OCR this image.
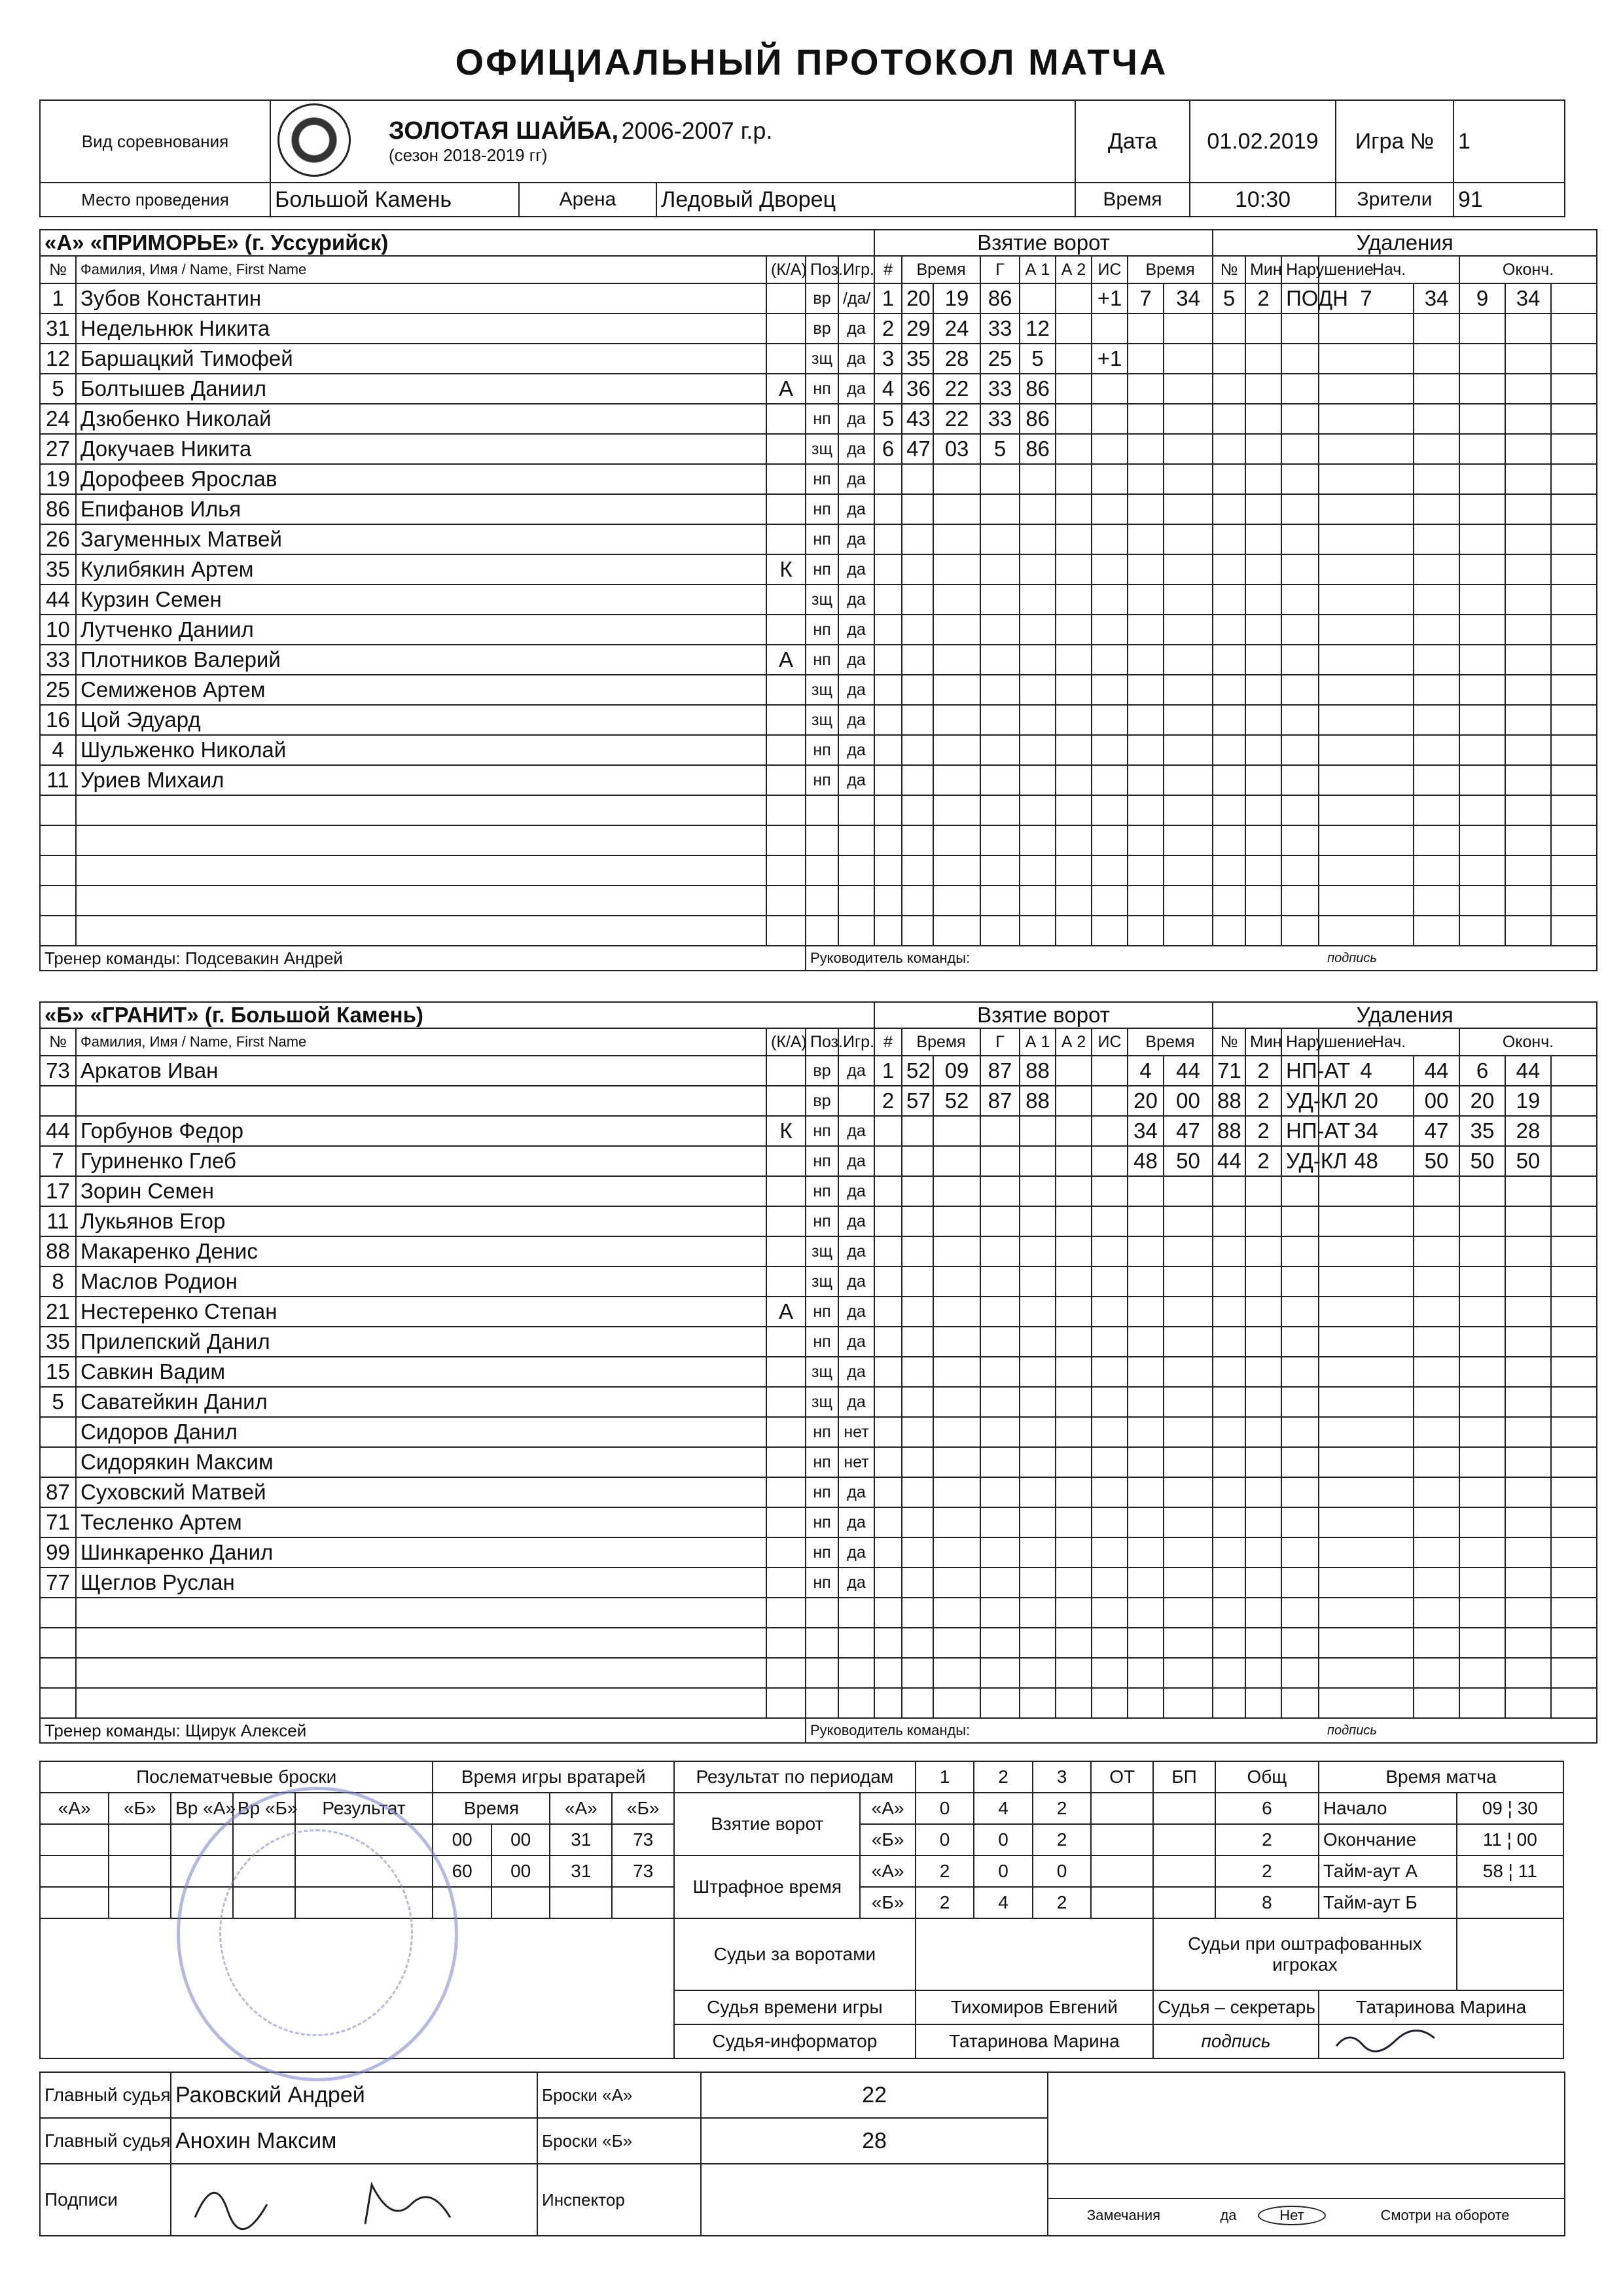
ОФИЦИАЛЬНЫЙ ПРОТОКОЛ МАТЧА
Вид соревнования	ЗОЛОТАЯ ШАЙБА, 2006-2007 г.р.
(сезон 2018-2019 гг)
	Дата	01.02.2019	Игра №	1
Место проведения	Большой Камень	Арена	Ледовый Дворец	Время	10:30	Зрители	91
«А» «ПРИМОРЬЕ» (г. Уссурийск)					Взятие ворот									Удаления							
№	Фамилия, Имя / Name, First Name	(К/А)	Поз.	Игр.	#	Время		Г	А 1	А 2	ИС	Время		№	Мин	Нарушение	Нач.		Оконч.		
1	Зубов Константин		вр	/да/	1	20	19	86			+1	7	34	5	2	ПОДН	7	34	9	34	
31	Недельнюк Никита		вр	да	2	29	24	33	12												
12	Баршацкий Тимофей		зщ	да	3	35	28	25	5		+1										
5	Болтышев Даниил	А	нп	да	4	36	22	33	86												
24	Дзюбенко Николай		нп	да	5	43	22	33	86												
27	Докучаев Никита		зщ	да	6	47	03	5	86												
19	Дорофеев Ярослав		нп	да																	
86	Епифанов Илья		нп	да																	
26	Загуменных Матвей		нп	да																	
35	Кулибякин Артем	К	нп	да																	
44	Курзин Семен		зщ	да																	
10	Лутченко Даниил		нп	да																	
33	Плотников Валерий	А	нп	да																	
25	Семиженов Артем		зщ	да																	
16	Цой Эдуард		зщ	да																	
4	Шульженко Николай		нп	да																	
11	Уриев Михаил		нп	да																	

Тренер команды: Подсевакин Андрей			Руководитель команды:													подпись					
«Б» «ГРАНИТ» (г. Большой Камень)					Взятие ворот									Удаления							
№	Фамилия, Имя / Name, First Name	(К/А)	Поз.	Игр.	#	Время		Г	А 1	А 2	ИС	Время		№	Мин	Нарушение	Нач.		Оконч.		
73	Аркатов Иван		вр	да	1	52	09	87	88			4	44	71	2	НП-АТ	4	44	6	44	
			вр		2	57	52	87	88			20	00	88	2	УД-КЛ	20	00	20	19	
44	Горбунов Федор	К	нп	да								34	47	88	2	НП-АТ	34	47	35	28	
7	Гуриненко Глеб		нп	да								48	50	44	2	УД-КЛ	48	50	50	50	
17	Зорин Семен		нп	да																	
11	Лукьянов Егор		нп	да																	
88	Макаренко Денис		зщ	да																	
8	Маслов Родион		зщ	да																	
21	Нестеренко Степан	А	нп	да																	
35	Прилепский Данил		нп	да																	
15	Савкин Вадим		зщ	да																	
5	Саватейкин Данил		зщ	да																	
	Сидоров Данил		нп	нет																	
	Сидорякин Максим		нп	нет																	
87	Суховский Матвей		нп	да																	
71	Тесленко Артем		нп	да																	
99	Шинкаренко Данил		нп	да																	
77	Щеглов Руслан		нп	да																	

Тренер команды: Щирук Алексей			Руководитель команды:													подпись					
Послематчевые броски					Время игры вратарей				Результат по периодам		1	2	3	ОТ	БП	Общ	Время матча	
«А»	«Б»	Вр «А»	Вр «Б»	Результат	Время		«А»	«Б»	Взятие ворот	«А»	0	4	2			6	Начало	09 ¦ 30
					00	00	31	73		«Б»	0	0	2			2	Окончание	11 ¦ 00
					60	00	31	73	Штрафное время	«А»	2	0	0			2	Тайм-аут А	58 ¦ 11
										«Б»	2	4	2			8	Тайм-аут Б	
									Судьи за воротами						Судьи при оштрафованных игроках			
									Судья времени игры		Тихомиров Евгений				Судья – секретарь		Татаринова Марина	
									Судья-информатор		Татаринова Марина				подпись	
Главный судья	Раковский Андрей	Броски «А»	22	
Главный судья	Анохин Максим	Броски «Б»	28	
Подписи		Инспектор		Замечания да Нет Смотри на обороте
